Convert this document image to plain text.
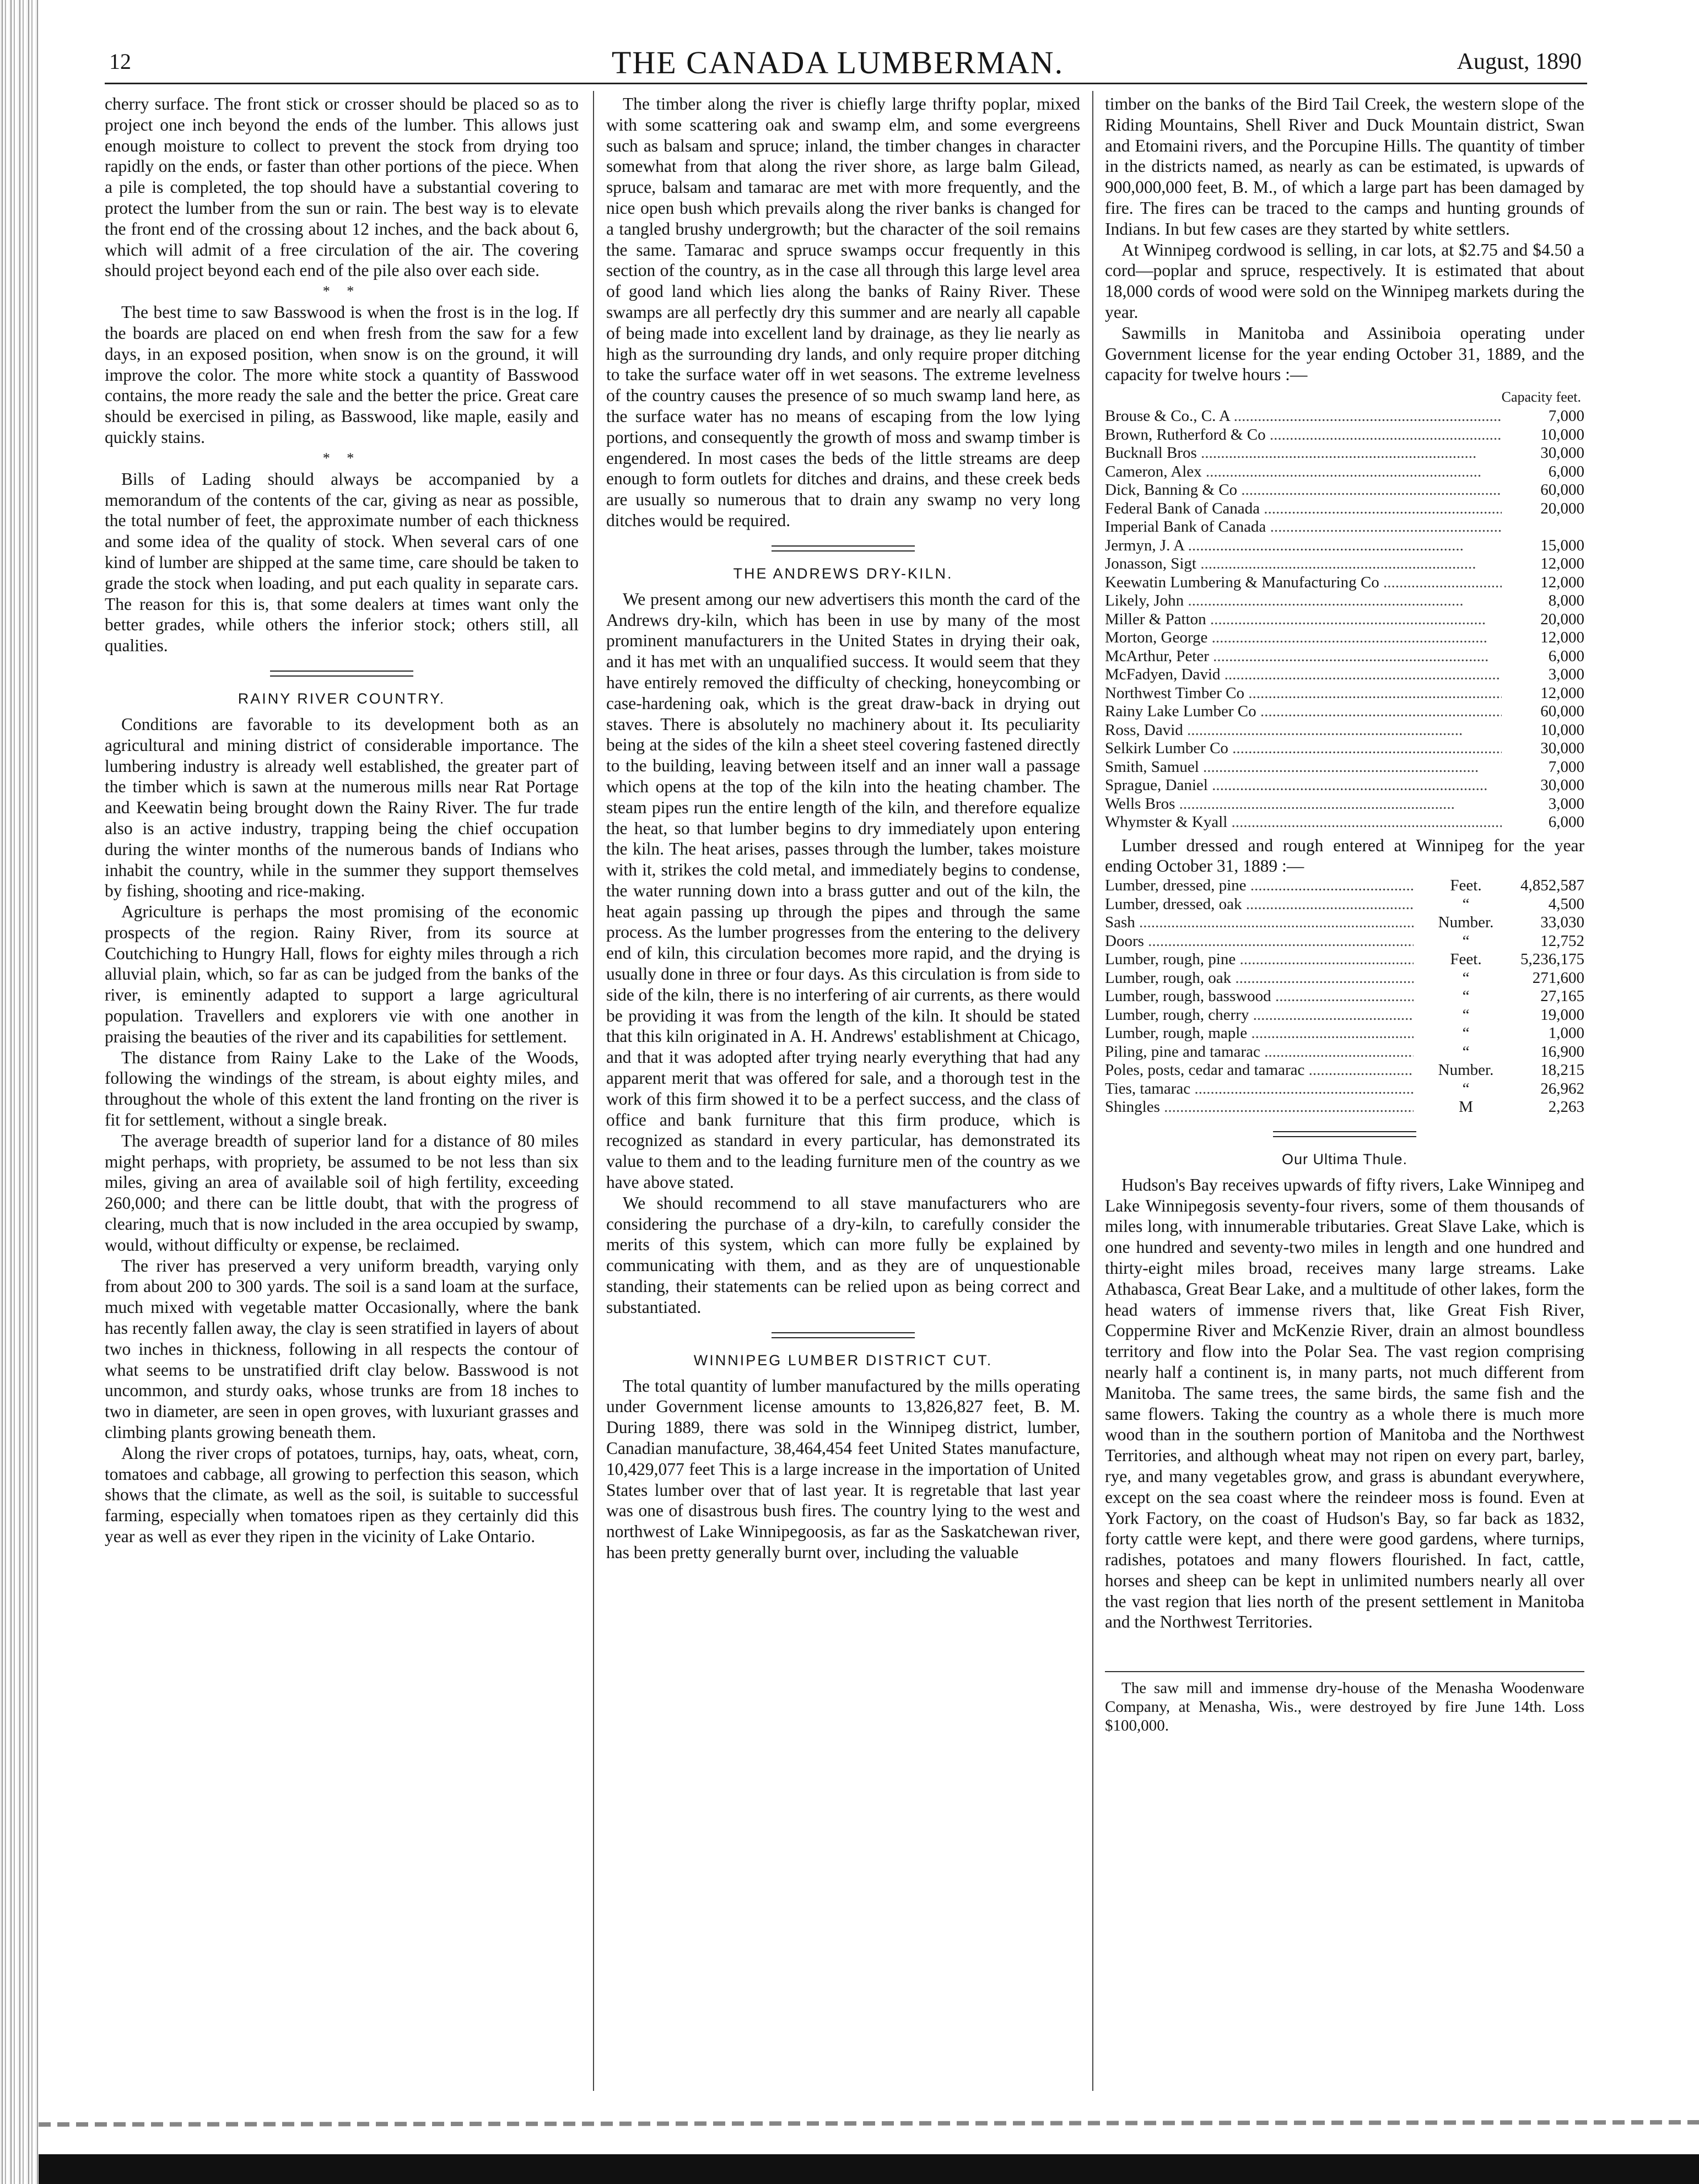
12	THE CANADA LUMBERMAN.	August, 1890

cherry surface. The front stick or crosser should be placed so as to project one inch beyond the ends of the lumber. This allows just enough moisture to collect to prevent the stock from drying too rapidly on the ends, or faster than other portions of the piece. When a pile is completed, the top should have a substantial covering to protect the lumber from the sun or rain. The best way is to elevate the front end of the crossing about 12 inches, and the back about 6, which will admit of a free circulation of the air. The covering should project beyond each end of the pile also over each side.

* *

The best time to saw Basswood is when the frost is in the log. If the boards are placed on end when fresh from the saw for a few days, in an exposed position, when snow is on the ground, it will improve the color. The more white stock a quantity of Basswood contains, the more ready the sale and the better the price. Great care should be exercised in piling, as Basswood, like maple, easily and quickly stains.

* *

Bills of Lading should always be accompanied by a memorandum of the contents of the car, giving as near as possible, the total number of feet, the approximate number of each thickness and some idea of the quality of stock. When several cars of one kind of lumber are shipped at the same time, care should be taken to grade the stock when loading, and put each quality in separate cars. The reason for this is, that some dealers at times want only the better grades, while others the inferior stock; others still, all qualities.

RAINY RIVER COUNTRY.

Conditions are favorable to its development both as an agricultural and mining district of considerable importance. The lumbering industry is already well established, the greater part of the timber which is sawn at the numerous mills near Rat Portage and Keewatin being brought down the Rainy River. The fur trade also is an active industry, trapping being the chief occupation during the winter months of the numerous bands of Indians who inhabit the country, while in the summer they support themselves by fishing, shooting and rice-making.

Agriculture is perhaps the most promising of the economic prospects of the region. Rainy River, from its source at Coutchiching to Hungry Hall, flows for eighty miles through a rich alluvial plain, which, so far as can be judged from the banks of the river, is eminently adapted to support a large agricultural population. Travellers and explorers vie with one another in praising the beauties of the river and its capabilities for settlement.

The distance from Rainy Lake to the Lake of the Woods, following the windings of the stream, is about eighty miles, and throughout the whole of this extent the land fronting on the river is fit for settlement, without a single break.

The average breadth of superior land for a distance of 80 miles might perhaps, with propriety, be assumed to be not less than six miles, giving an area of available soil of high fertility, exceeding 260,000; and there can be little doubt, that with the progress of clearing, much that is now included in the area occupied by swamp, would, without difficulty or expense, be reclaimed.

The river has preserved a very uniform breadth, varying only from about 200 to 300 yards. The soil is a sand loam at the surface, much mixed with vegetable matter Occasionally, where the bank has recently fallen away, the clay is seen stratified in layers of about two inches in thickness, following in all respects the contour of what seems to be unstratified drift clay below. Basswood is not uncommon, and sturdy oaks, whose trunks are from 18 inches to two in diameter, are seen in open groves, with luxuriant grasses and climbing plants growing beneath them.

Along the river crops of potatoes, turnips, hay, oats, wheat, corn, tomatoes and cabbage, all growing to perfection this season, which shows that the climate, as well as the soil, is suitable to successful farming, especially when tomatoes ripen as they certainly did this year as well as ever they ripen in the vicinity of Lake Ontario.

The timber along the river is chiefly large thrifty poplar, mixed with some scattering oak and swamp elm, and some evergreens such as balsam and spruce; inland, the timber changes in character somewhat from that along the river shore, as large balm Gilead, spruce, balsam and tamarac are met with more frequently, and the nice open bush which prevails along the river banks is changed for a tangled brushy undergrowth; but the character of the soil remains the same. Tamarac and spruce swamps occur frequently in this section of the country, as in the case all through this large level area of good land which lies along the banks of Rainy River. These swamps are all perfectly dry this summer and are nearly all capable of being made into excellent land by drainage, as they lie nearly as high as the surrounding dry lands, and only require proper ditching to take the surface water off in wet seasons. The extreme levelness of the country causes the presence of so much swamp land here, as the surface water has no means of escaping from the low lying portions, and consequently the growth of moss and swamp timber is engendered. In most cases the beds of the little streams are deep enough to form outlets for ditches and drains, and these creek beds are usually so numerous that to drain any swamp no very long ditches would be required.

THE ANDREWS DRY-KILN.

We present among our new advertisers this month the card of the Andrews dry-kiln, which has been in use by many of the most prominent manufacturers in the United States in drying their oak, and it has met with an unqualified success. It would seem that they have entirely removed the difficulty of checking, honeycombing or case-hardening oak, which is the great draw-back in drying out staves. There is absolutely no machinery about it. Its peculiarity being at the sides of the kiln a sheet steel covering fastened directly to the building, leaving between itself and an inner wall a passage which opens at the top of the kiln into the heating chamber. The steam pipes run the entire length of the kiln, and therefore equalize the heat, so that lumber begins to dry immediately upon entering the kiln. The heat arises, passes through the lumber, takes moisture with it, strikes the cold metal, and immediately begins to condense, the water running down into a brass gutter and out of the kiln, the heat again passing up through the pipes and through the same process. As the lumber progresses from the entering to the delivery end of kiln, this circulation becomes more rapid, and the drying is usually done in three or four days. As this circulation is from side to side of the kiln, there is no interfering of air currents, as there would be providing it was from the length of the kiln. It should be stated that this kiln originated in A. H. Andrews' establishment at Chicago, and that it was adopted after trying nearly everything that had any apparent merit that was offered for sale, and a thorough test in the work of this firm showed it to be a perfect success, and the class of office and bank furniture that this firm produce, which is recognized as standard in every particular, has demonstrated its value to them and to the leading furniture men of the country as we have above stated.

We should recommend to all stave manufacturers who are considering the purchase of a dry-kiln, to carefully consider the merits of this system, which can more fully be explained by communicating with them, and as they are of unquestionable standing, their statements can be relied upon as being correct and substantiated.

WINNIPEG LUMBER DISTRICT CUT.

The total quantity of lumber manufactured by the mills operating under Government license amounts to 13,826,827 feet, B. M. During 1889, there was sold in the Winnipeg district, lumber, Canadian manufacture, 38,464,454 feet United States manufacture, 10,429,077 feet This is a large increase in the importation of United States lumber over that of last year. It is regretable that last year was one of disastrous bush fires. The country lying to the west and northwest of Lake Winnipegoosis, as far as the Saskatchewan river, has been pretty generally burnt over, including the valuable

timber on the banks of the Bird Tail Creek, the western slope of the Riding Mountains, Shell River and Duck Mountain district, Swan and Etomaini rivers, and the Porcupine Hills. The quantity of timber in the districts named, as nearly as can be estimated, is upwards of 900,000,000 feet, B. M., of which a large part has been damaged by fire. The fires can be traced to the camps and hunting grounds of Indians. In but few cases are they started by white settlers.

At Winnipeg cordwood is selling, in car lots, at $2.75 and $4.50 a cord—poplar and spruce, respectively. It is estimated that about 18,000 cords of wood were sold on the Winnipeg markets during the year.

Sawmills in Manitoba and Assiniboia operating under Government license for the year ending October 31, 1889, and the capacity for twelve hours :—

Capacity feet.
Brouse & Co., C. A .....	7,000

Brown, Rutherford & Co .....	10,000

Bucknall Bros .....	30,000

Cameron, Alex .....	6,000

Dick, Banning & Co .....	60,000

Federal Bank of Canada .....	20,000

Imperial Bank of Canada .....

Jermyn, J. A .....	15,000

Jonasson, Sigt .....	12,000

Keewatin Lumbering & Manufacturing Co .....	12,000

Likely, John .....	8,000

Miller & Patton .....	20,000

Morton, George .....	12,000

McArthur, Peter .....	6,000

McFadyen, David .....	3,000

Northwest Timber Co .....	12,000

Rainy Lake Lumber Co .....	60,000

Ross, David .....	10,000

Selkirk Lumber Co .....	30,000

Smith, Samuel .....	7,000

Sprague, Daniel .....	30,000

Wells Bros .....	3,000

Whymster & Kyall .....	6,000

Lumber dressed and rough entered at Winnipeg for the year ending October 31, 1889 :—

Lumber, dressed, pine .....	Feet.	4,852,587

Lumber, dressed, oak .....	“	4,500

Sash .....	Number.	33,030

Doors .....	“	12,752

Lumber, rough, pine .....	Feet.	5,236,175

Lumber, rough, oak .....	“	271,600

Lumber, rough, basswood .....	“	27,165

Lumber, rough, cherry .....	“	19,000

Lumber, rough, maple .....	“	1,000

Piling, pine and tamarac .....	“	16,900

Poles, posts, cedar and tamarac .....	Number.	18,215

Ties, tamarac .....	“	26,962

Shingles .....	M	2,263
Our Ultima Thule.

Hudson's Bay receives upwards of fifty rivers, Lake Winnipeg and Lake Winnipegosis seventy-four rivers, some of them thousands of miles long, with innumerable tributaries. Great Slave Lake, which is one hundred and seventy-two miles in length and one hundred and thirty-eight miles broad, receives many large streams. Lake Athabasca, Great Bear Lake, and a multitude of other lakes, form the head waters of immense rivers that, like Great Fish River, Coppermine River and McKenzie River, drain an almost boundless territory and flow into the Polar Sea. The vast region comprising nearly half a continent is, in many parts, not much different from Manitoba. The same trees, the same birds, the same fish and the same flowers. Taking the country as a whole there is much more wood than in the southern portion of Manitoba and the Northwest Territories, and although wheat may not ripen on every part, barley, rye, and many vegetables grow, and grass is abundant everywhere, except on the sea coast where the reindeer moss is found. Even at York Factory, on the coast of Hudson's Bay, so far back as 1832, forty cattle were kept, and there were good gardens, where turnips, radishes, potatoes and many flowers flourished. In fact, cattle, horses and sheep can be kept in unlimited numbers nearly all over the vast region that lies north of the present settlement in Manitoba and the Northwest Territories.

The saw mill and immense dry-house of the Menasha Woodenware Company, at Menasha, Wis., were destroyed by fire June 14th. Loss $100,000.
